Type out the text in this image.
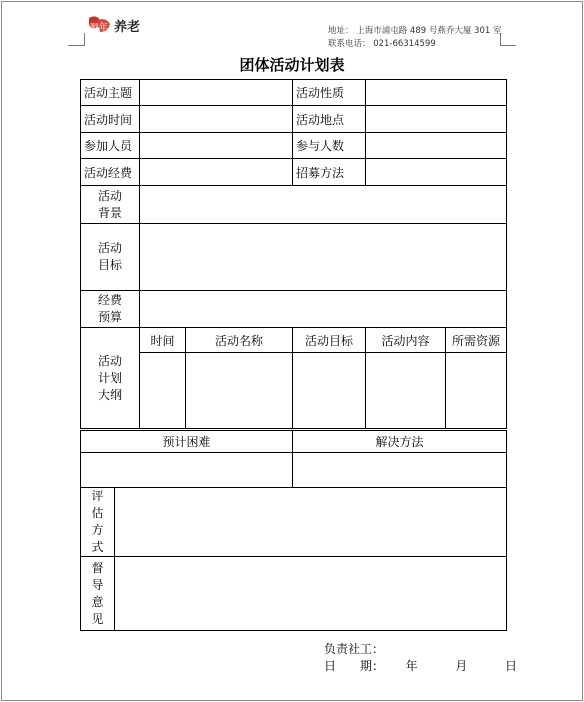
颐年 养老	地址： 上海市浦屯路 489 号燕乔大厦 301 室
联系电话： 021-66314599
团体活动计划表
活动主题			活动性质		
活动时间			活动地点		
参加人员			参与人数		
活动经费			招募方法		

活动
背景					

活动
目标					

经费
预算					

活动
计划
大纲	时间	活动名称	活动目标	活动内容	所需资源

预计困难	解决方法

评估方式	

督导意见	

负责社工：
日　　期： 年	月	日
